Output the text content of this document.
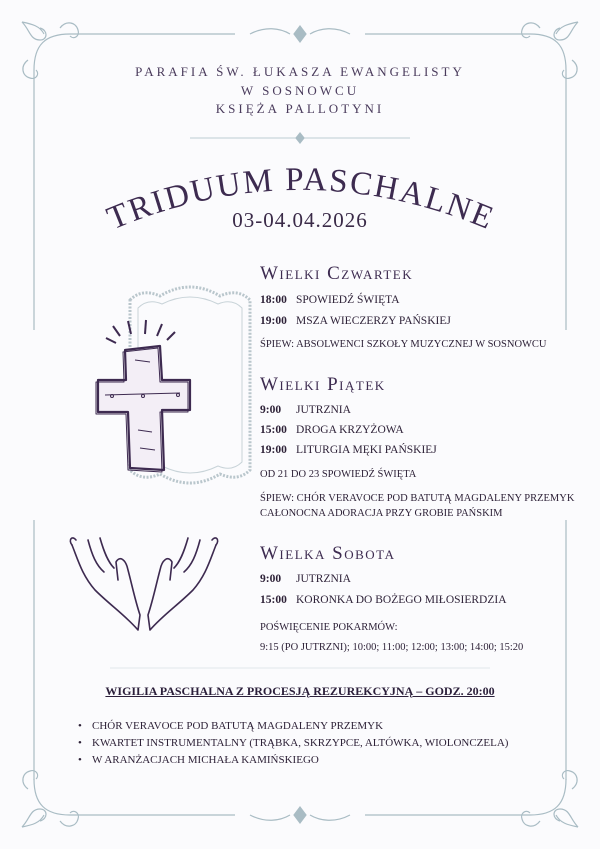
PARAFIA ŚW. ŁUKASZA EWANGELISTY
W SOSNOWCU
KSIĘŻA PALLOTYNI
TRIDUUM PASCHALNE
03-04.04.2026
Wielki Czwartek
18:00 SPOWIEDŹ ŚWIĘTA
19:00 MSZA WIECZERZY PAŃSKIEJ
ŚPIEW: ABSOLWENCI SZKOŁY MUZYCZNEJ W SOSNOWCU
Wielki Piątek
9:00 JUTRZNIA
15:00 DROGA KRZYŻOWA
19:00 LITURGIA MĘKI PAŃSKIEJ
OD 21 DO 23 SPOWIEDŹ ŚWIĘTA
ŚPIEW: CHÓR VERAVOCE POD BATUTĄ MAGDALENY PRZEMYK
CAŁONOCNA ADORACJA PRZY GROBIE PAŃSKIM
Wielka Sobota
9:00 JUTRZNIA
15:00 KORONKA DO BOŻEGO MIŁOSIERDZIA
POŚWIĘCENIE POKARMÓW:
9:15 (PO JUTRZNI); 10:00; 11:00; 12:00; 13:00; 14:00; 15:20
WIGILIA PASCHALNA Z PROCESJĄ REZUREKCYJNĄ – GODZ. 20:00
• CHÓR VERAVOCE POD BATUTĄ MAGDALENY PRZEMYK
• KWARTET INSTRUMENTALNY (TRĄBKA, SKRZYPCE, ALTÓWKA, WIOLONCZELA)
• W ARANŻACJACH MICHAŁA KAMIŃSKIEGO
